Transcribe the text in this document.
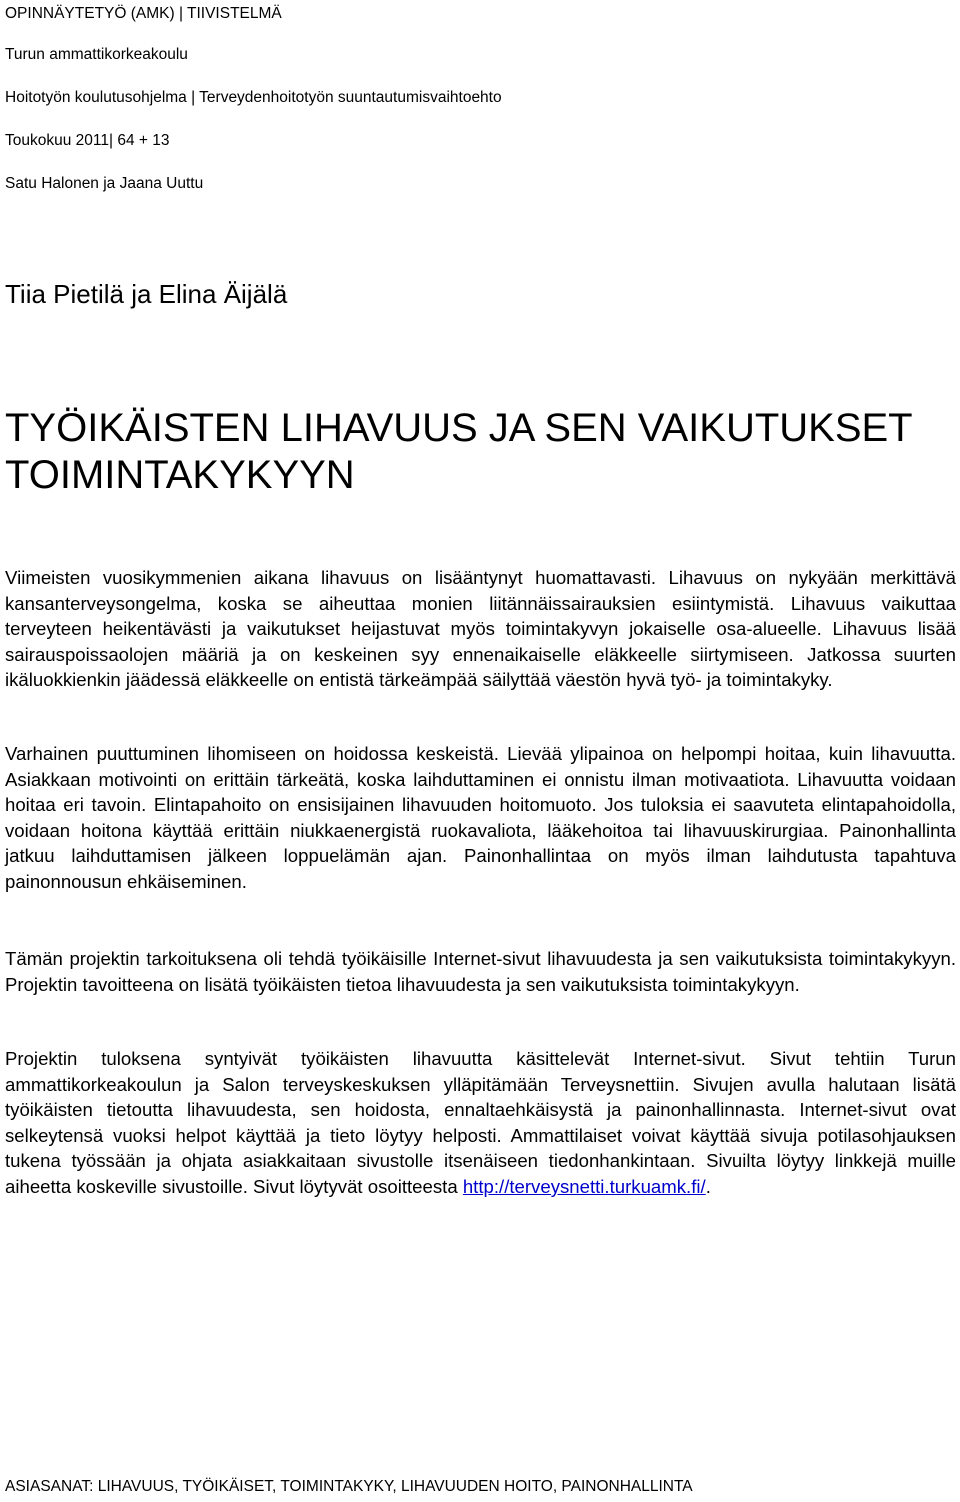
OPINNÄYTETYÖ (AMK) | TIIVISTELMÄ
Turun ammattikorkeakoulu
Hoitotyön koulutusohjelma | Terveydenhoitotyön suuntautumisvaihtoehto
Toukokuu 2011| 64 + 13
Satu Halonen ja Jaana Uuttu
Tiia Pietilä ja Elina Äijälä
TYÖIKÄISTEN LIHAVUUS JA SEN VAIKUTUKSET
TOIMINTAKYKYYN

Viimeisten vuosikymmenien aikana lihavuus on lisääntynyt huomattavasti. Lihavuus on nykyään merkittävä kansanterveysongelma, koska se aiheuttaa monien liitännäissairauksien esiintymistä. Lihavuus vaikuttaa terveyteen heikentävästi ja vaikutukset heijastuvat myös toimintakyvyn jokaiselle osa-alueelle. Lihavuus lisää sairauspoissaolojen määriä ja on keskeinen syy ennenaikaiselle eläkkeelle siirtymiseen. Jatkossa suurten ikäluokkienkin jäädessä eläkkeelle on entistä tärkeämpää säilyttää väestön hyvä työ- ja toimintakyky.

Varhainen puuttuminen lihomiseen on hoidossa keskeistä. Lievää ylipainoa on helpompi hoitaa, kuin lihavuutta. Asiakkaan motivointi on erittäin tärkeätä, koska laihduttaminen ei onnistu ilman motivaatiota. Lihavuutta voidaan hoitaa eri tavoin. Elintapahoito on ensisijainen lihavuuden hoitomuoto. Jos tuloksia ei saavuteta elintapahoidolla, voidaan hoitona käyttää erittäin niukkaenergistä ruokavaliota, lääkehoitoa tai lihavuuskirurgiaa. Painonhallinta jatkuu laihduttamisen jälkeen loppuelämän ajan. Painonhallintaa on myös ilman laihdutusta tapahtuva painonnousun ehkäiseminen.

Tämän projektin tarkoituksena oli tehdä työikäisille Internet-sivut lihavuudesta ja sen vaikutuksista toimintakykyyn. Projektin tavoitteena on lisätä työikäisten tietoa lihavuudesta ja sen vaikutuksista toimintakykyyn.

Projektin tuloksena syntyivät työikäisten lihavuutta käsittelevät Internet-sivut. Sivut tehtiin Turun ammattikorkeakoulun ja Salon terveyskeskuksen ylläpitämään Terveysnettiin. Sivujen avulla halutaan lisätä työikäisten tietoutta lihavuudesta, sen hoidosta, ennaltaehkäisystä ja painonhallinnasta. Internet-sivut ovat selkeytensä vuoksi helpot käyttää ja tieto löytyy helposti. Ammattilaiset voivat käyttää sivuja potilasohjauksen tukena työssään ja ohjata asiakkaitaan sivustolle itsenäiseen tiedonhankintaan. Sivuilta löytyy linkkejä muille aiheetta koskeville sivustoille. Sivut löytyvät osoitteesta http://terveysnetti.turkuamk.fi/.

ASIASANAT: LIHAVUUS, TYÖIKÄISET, TOIMINTAKYKY, LIHAVUUDEN HOITO, PAINONHALLINTA
